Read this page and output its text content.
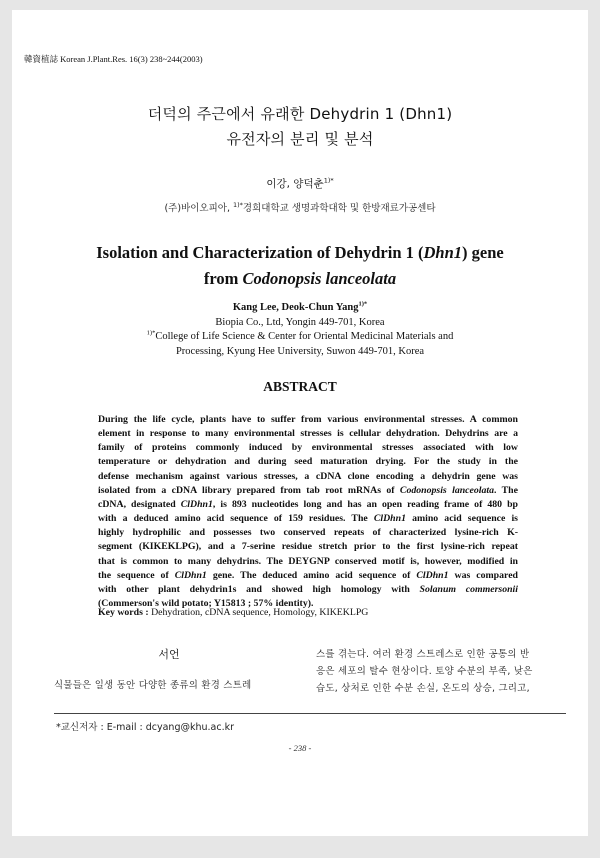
韓資植誌 Korean J.Plant.Res. 16(3) 238~244(2003)
더덕의 주근에서 유래한 Dehydrin 1 (Dhn1)
유전자의 분리 및 분석
이강, 양덕춘$^{1)*}$
(주)바이오피아, $^{1)*}$경희대학교 생명과학대학 및 한방재료가공센타
Isolation and Characterization of Dehydrin 1 (Dhn1) gene
from Codonopsis lanceolata
Kang Lee, Deok-Chun Yang$^{1)*}$
Biopia Co., Ltd, Yongin 449-701, Korea
$^{1)*}$College of Life Science & Center for Oriental Medicinal Materials and
Processing, Kyung Hee University, Suwon 449-701, Korea
ABSTRACT
During the life cycle, plants have to suffer from various environmental stresses. A common
element in response to many environmental stresses is cellular dehydration. Dehydrins are a
family of proteins commonly induced by environmental stresses associated with low
temperature or dehydration and during seed maturation drying. For the study in the
defense mechanism against various stresses, a cDNA clone encoding a dehydrin gene was
isolated from a cDNA library prepared from tab root mRNAs of Codonopsis lanceolata. The
cDNA, designated ClDhn1, is 893 nucleotides long and has an open reading frame of 480 bp
with a deduced amino acid sequence of 159 residues. The ClDhn1 amino acid sequence is
highly hydrophilic and possesses two conserved repeats of characterized lysine-rich K-
segment (KIKEKLPG), and a 7-serine residue stretch prior to the first lysine-rich repeat
that is common to many dehydrins. The DEYGNP conserved motif is, however, modified in
the sequence of ClDhn1 gene. The deduced amino acid sequence of ClDhn1 was compared
with other plant dehydrin1s and showed high homology with Solanum commersonii
(Commerson's wild potato; Y15813 ; 57% identity).
Key words : Dehydration, cDNA sequence, Homology, KIKEKLPG
서언
식물들은 일생 동안 다양한 종류의 환경 스트레
스를 겪는다. 여러 환경 스트레스로 인한 공통의 반
응은 세포의 탈수 현상이다. 토양 수분의 부족, 낮은
습도, 상처로 인한 수분 손실, 온도의 상승, 그리고,
*교신저자 : E-mail : dcyang@khu.ac.kr
- 238 -
